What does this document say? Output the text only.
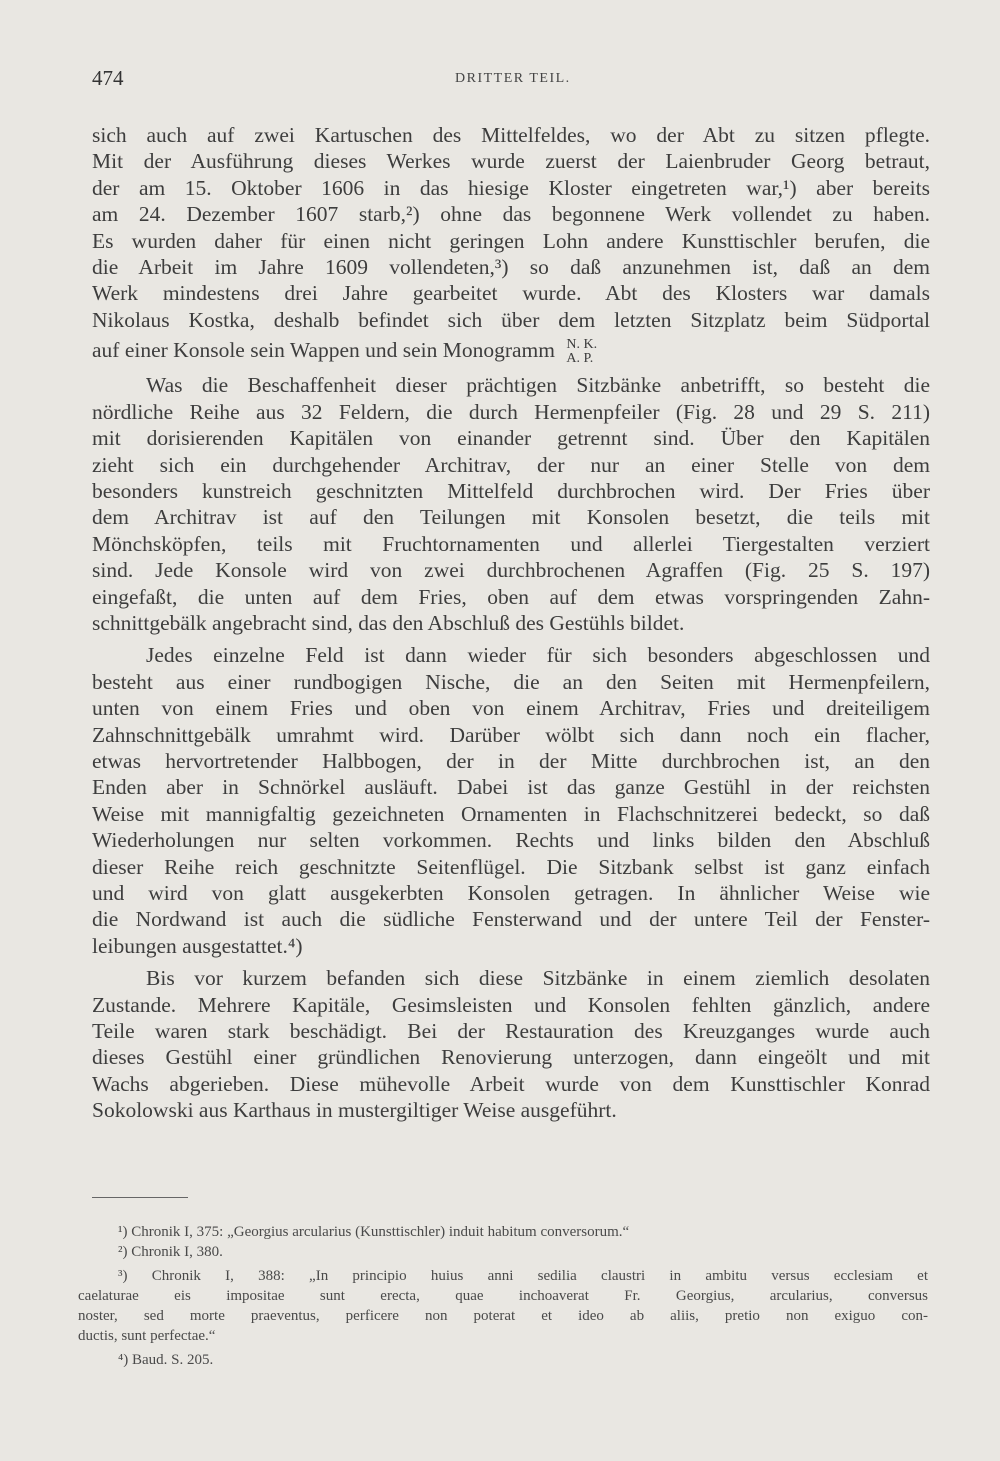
474	DRITTER TEIL.
sich auch auf zwei Kartuschen des Mittelfeldes, wo der Abt zu sitzen pflegte.
Mit der Ausführung dieses Werkes wurde zuerst der Laienbruder Georg betraut,
der am 15. Oktober 1606 in das hiesige Kloster eingetreten war,¹) aber bereits
am 24. Dezember 1607 starb,²) ohne das begonnene Werk vollendet zu haben.
Es wurden daher für einen nicht geringen Lohn andere Kunsttischler berufen, die
die Arbeit im Jahre 1609 vollendeten,³) so daß anzunehmen ist, daß an dem
Werk mindestens drei Jahre gearbeitet wurde. Abt des Klosters war damals
Nikolaus Kostka, deshalb befindet sich über dem letzten Sitzplatz beim Südportal
auf einer Konsole sein Wappen und sein Monogramm N. K.
A. P.
Was die Beschaffenheit dieser prächtigen Sitzbänke anbetrifft, so besteht die
nördliche Reihe aus 32 Feldern, die durch Hermenpfeiler (Fig. 28 und 29 S. 211)
mit dorisierenden Kapitälen von einander getrennt sind. Über den Kapitälen
zieht sich ein durchgehender Architrav, der nur an einer Stelle von dem
besonders kunstreich geschnitzten Mittelfeld durchbrochen wird. Der Fries über
dem Architrav ist auf den Teilungen mit Konsolen besetzt, die teils mit
Mönchsköpfen, teils mit Fruchtornamenten und allerlei Tiergestalten verziert
sind. Jede Konsole wird von zwei durchbrochenen Agraffen (Fig. 25 S. 197)
eingefaßt, die unten auf dem Fries, oben auf dem etwas vorspringenden Zahn-
schnittgebälk angebracht sind, das den Abschluß des Gestühls bildet.
Jedes einzelne Feld ist dann wieder für sich besonders abgeschlossen und
besteht aus einer rundbogigen Nische, die an den Seiten mit Hermenpfeilern,
unten von einem Fries und oben von einem Architrav, Fries und dreiteiligem
Zahnschnittgebälk umrahmt wird. Darüber wölbt sich dann noch ein flacher,
etwas hervortretender Halbbogen, der in der Mitte durchbrochen ist, an den
Enden aber in Schnörkel ausläuft. Dabei ist das ganze Gestühl in der reichsten
Weise mit mannigfaltig gezeichneten Ornamenten in Flachschnitzerei bedeckt, so daß
Wiederholungen nur selten vorkommen. Rechts und links bilden den Abschluß
dieser Reihe reich geschnitzte Seitenflügel. Die Sitzbank selbst ist ganz einfach
und wird von glatt ausgekerbten Konsolen getragen. In ähnlicher Weise wie
die Nordwand ist auch die südliche Fensterwand und der untere Teil der Fenster-
leibungen ausgestattet.⁴)
Bis vor kurzem befanden sich diese Sitzbänke in einem ziemlich desolaten
Zustande. Mehrere Kapitäle, Gesimsleisten und Konsolen fehlten gänzlich, andere
Teile waren stark beschädigt. Bei der Restauration des Kreuzganges wurde auch
dieses Gestühl einer gründlichen Renovierung unterzogen, dann eingeölt und mit
Wachs abgerieben. Diese mühevolle Arbeit wurde von dem Kunsttischler Konrad
Sokolowski aus Karthaus in mustergiltiger Weise ausgeführt.
¹) Chronik I, 375: „Georgius arcularius (Kunsttischler) induit habitum conversorum.“
²) Chronik I, 380.
³) Chronik I, 388: „In principio huius anni sedilia claustri in ambitu versus ecclesiam et
caelaturae eis impositae sunt erecta, quae inchoaverat Fr. Georgius, arcularius, conversus
noster, sed morte praeventus, perficere non poterat et ideo ab aliis, pretio non exiguo con-
ductis, sunt perfectae.“
⁴) Baud. S. 205.
